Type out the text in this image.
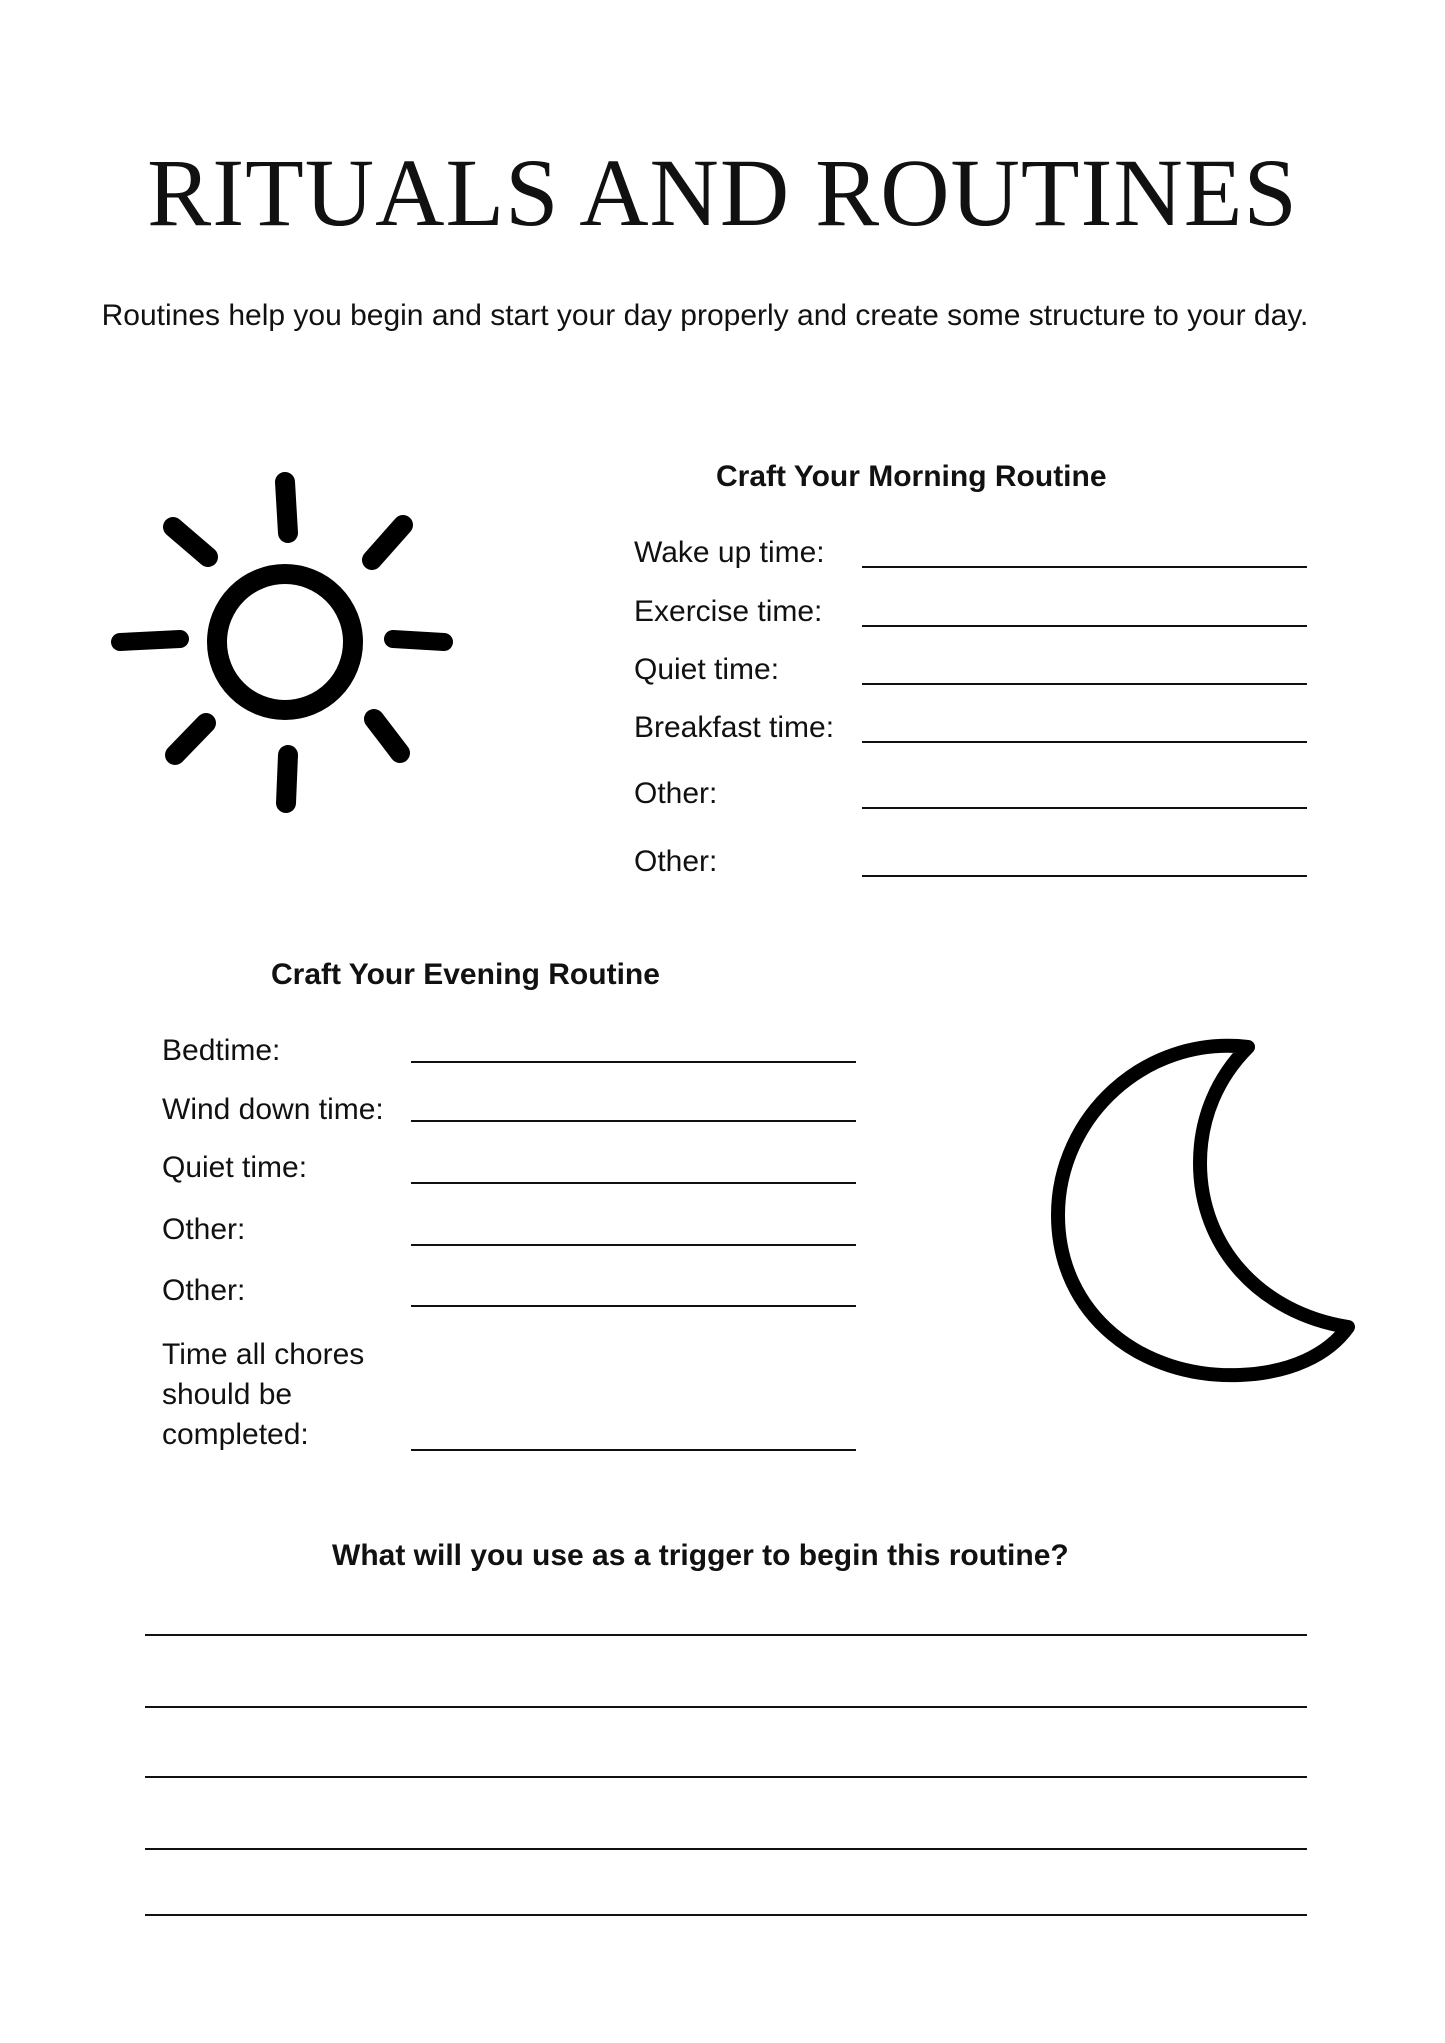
RITUALS AND ROUTINES
Routines help you begin and start your day properly and create some structure to your day.
Craft Your Morning Routine
Wake up time:
Exercise time:
Quiet time:
Breakfast time:
Other:
Other:
Craft Your Evening Routine
Bedtime:
Wind down time:
Quiet time:
Other:
Other:
Time all chores should be completed:
What will you use as a trigger to begin this routine?
